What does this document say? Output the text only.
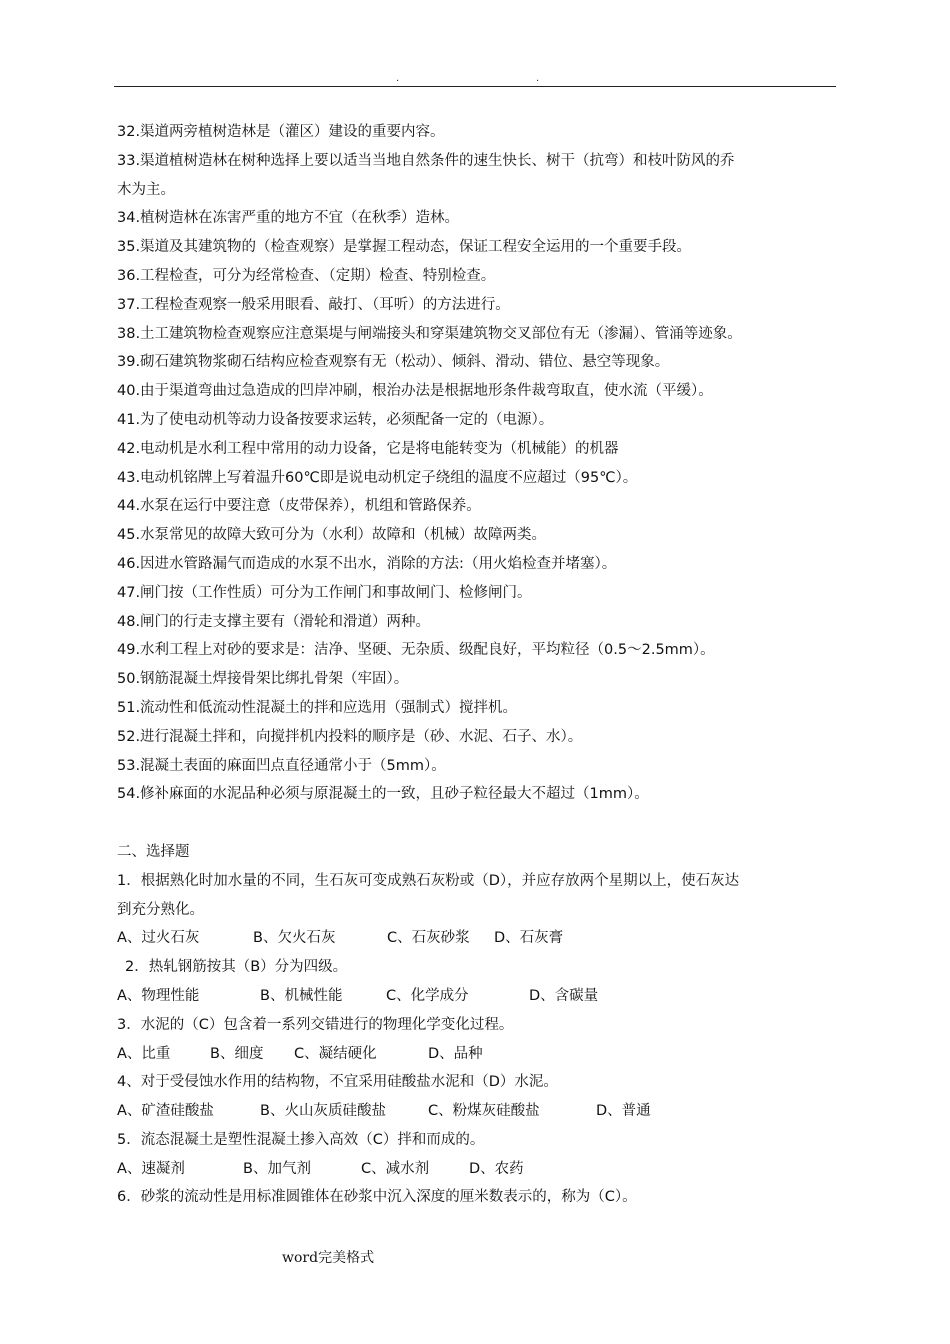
.	.
32.渠道两旁植树造林是（灌区）建设的重要内容。
33.渠道植树造林在树种选择上要以适当当地自然条件的速生快长、树干（抗弯）和枝叶防风的乔
木为主。
34.植树造林在冻害严重的地方不宜（在秋季）造林。
35.渠道及其建筑物的（检查观察）是掌握工程动态，保证工程安全运用的一个重要手段。
36.工程检查，可分为经常检查、（定期）检查、特别检查。
37.工程检查观察一般采用眼看、敲打、（耳听）的方法进行。
38.土工建筑物检查观察应注意渠堤与闸端接头和穿渠建筑物交叉部位有无（渗漏）、管涌等迹象。
39.砌石建筑物浆砌石结构应检查观察有无（松动）、倾斜、滑动、错位、悬空等现象。
40.由于渠道弯曲过急造成的凹岸冲刷，根治办法是根据地形条件裁弯取直，使水流（平缓）。
41.为了使电动机等动力设备按要求运转，必须配备一定的（电源）。
42.电动机是水利工程中常用的动力设备，它是将电能转变为（机械能）的机器
43.电动机铭牌上写着温升60℃即是说电动机定子绕组的温度不应超过（95℃）。
44.水泵在运行中要注意（皮带保养），机组和管路保养。
45.水泵常见的故障大致可分为（水利）故障和（机械）故障两类。
46.因进水管路漏气而造成的水泵不出水，消除的方法:（用火焰检查并堵塞）。
47.闸门按（工作性质）可分为工作闸门和事故闸门、检修闸门。
48.闸门的行走支撑主要有（滑轮和滑道）两种。
49.水利工程上对砂的要求是：洁净、坚硬、无杂质、级配良好，平均粒径（0.5～2.5mm）。
50.钢筋混凝土焊接骨架比绑扎骨架（牢固）。
51.流动性和低流动性混凝土的拌和应选用（强制式）搅拌机。
52.进行混凝土拌和，向搅拌机内投料的顺序是（砂、水泥、石子、水）。
53.混凝土表面的麻面凹点直径通常小于（5mm）。
54.修补麻面的水泥品种必须与原混凝土的一致，且砂子粒径最大不超过（1mm）。
二、选择题
1．根据熟化时加水量的不同，生石灰可变成熟石灰粉或（D），并应存放两个星期以上，使石灰达
到充分熟化。
A、过火石灰	B、欠火石灰	C、石灰砂浆 D、石灰膏
2．热轧钢筋按其（B）分为四级。
A、物理性能	B、机械性能	C、化学成分	D、含碳量
3．水泥的（C）包含着一系列交错进行的物理化学变化过程。
A、比重	B、细度 C、凝结硬化	D、品种
4、对于受侵蚀水作用的结构物，不宜采用硅酸盐水泥和（D）水泥。
A、矿渣硅酸盐	B、火山灰质硅酸盐	C、粉煤灰硅酸盐	D、普通
5．流态混凝土是塑性混凝土掺入高效（C）拌和而成的。
A、速凝剂	B、加气剂	C、减水剂	D、农药
6．砂浆的流动性是用标准圆锥体在砂浆中沉入深度的厘米数表示的，称为（C）。
word完美格式
